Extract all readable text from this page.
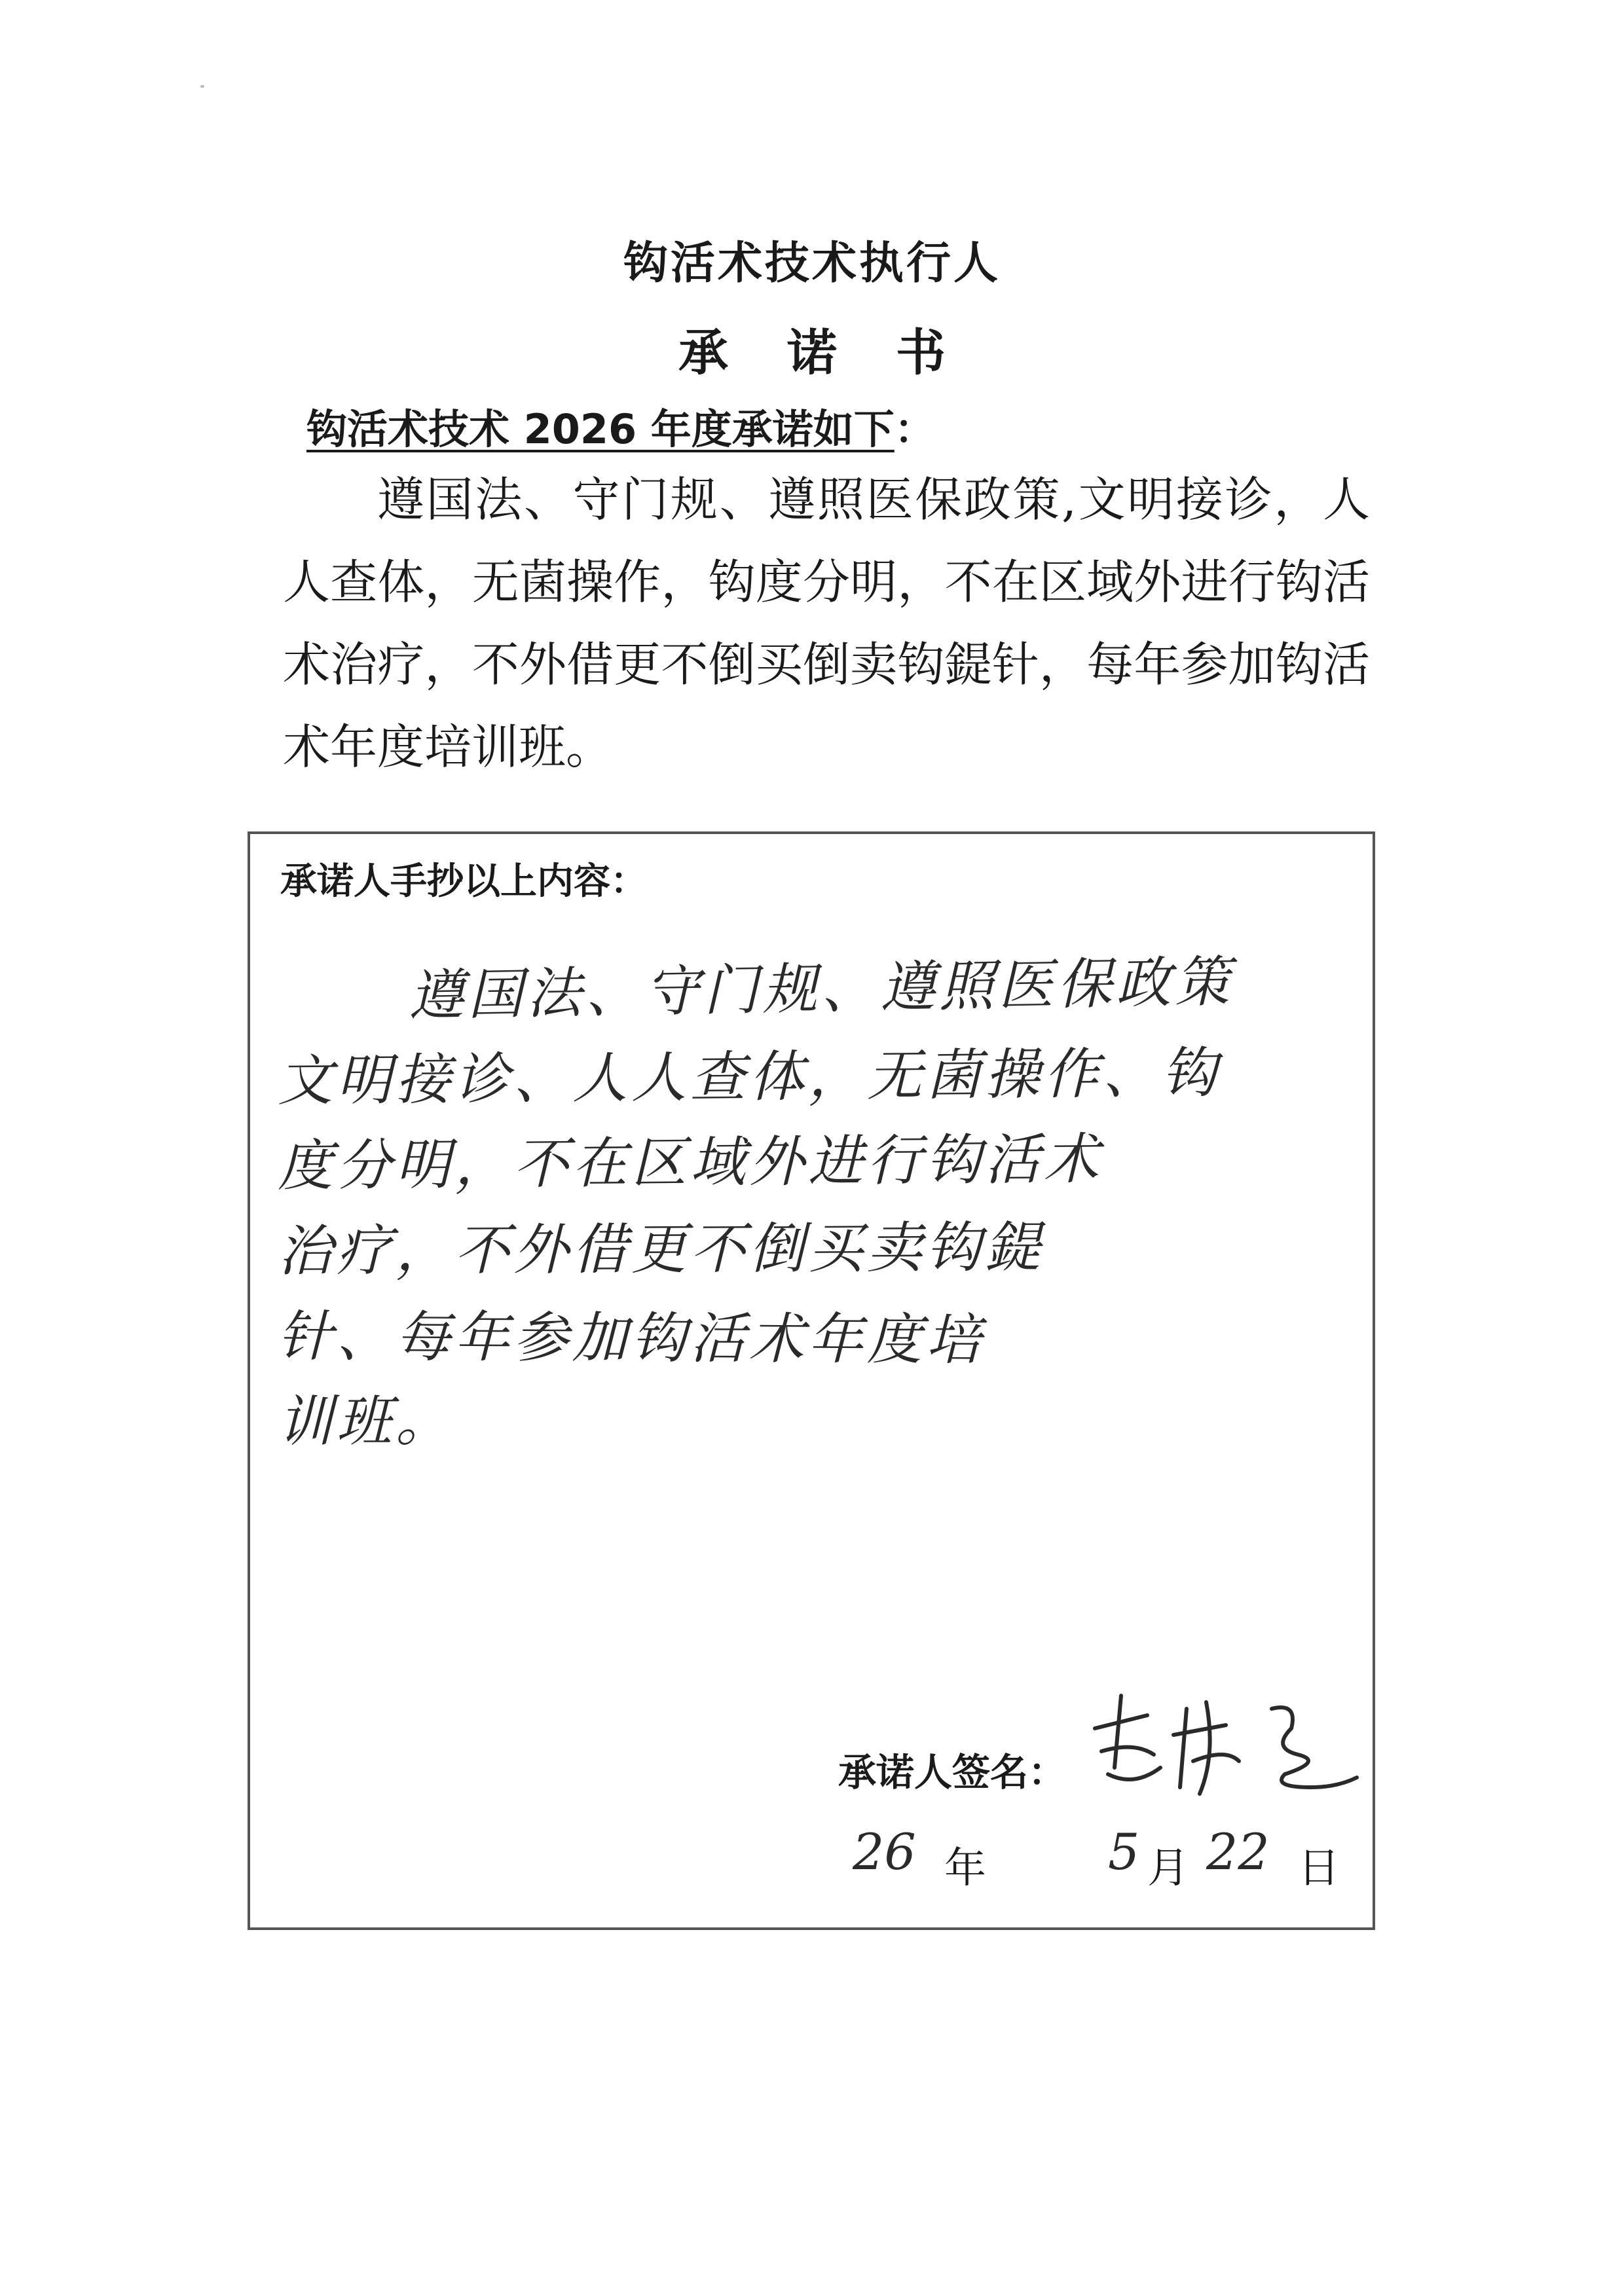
钩活术技术执行人
承诺书
钩活术技术 2026 年度承诺如下：
遵国法、守门规、遵照医保政策,文明接诊，人人查体，无菌操作，钩度分明，不在区域外进行钩活术治疗，不外借更不倒买倒卖钩鍉针，每年参加钩活术年度培训班。
承诺人手抄以上内容：
遵国法、守门规、遵照医保政策
文明接诊、人人查体，无菌操作、钩
度分明，不在区域外进行钩活术
治疗，不外借更不倒买卖钩鍉
针、每年参加钩活术年度培
训班。
承诺人签名：
26 年 5 月 22 日
